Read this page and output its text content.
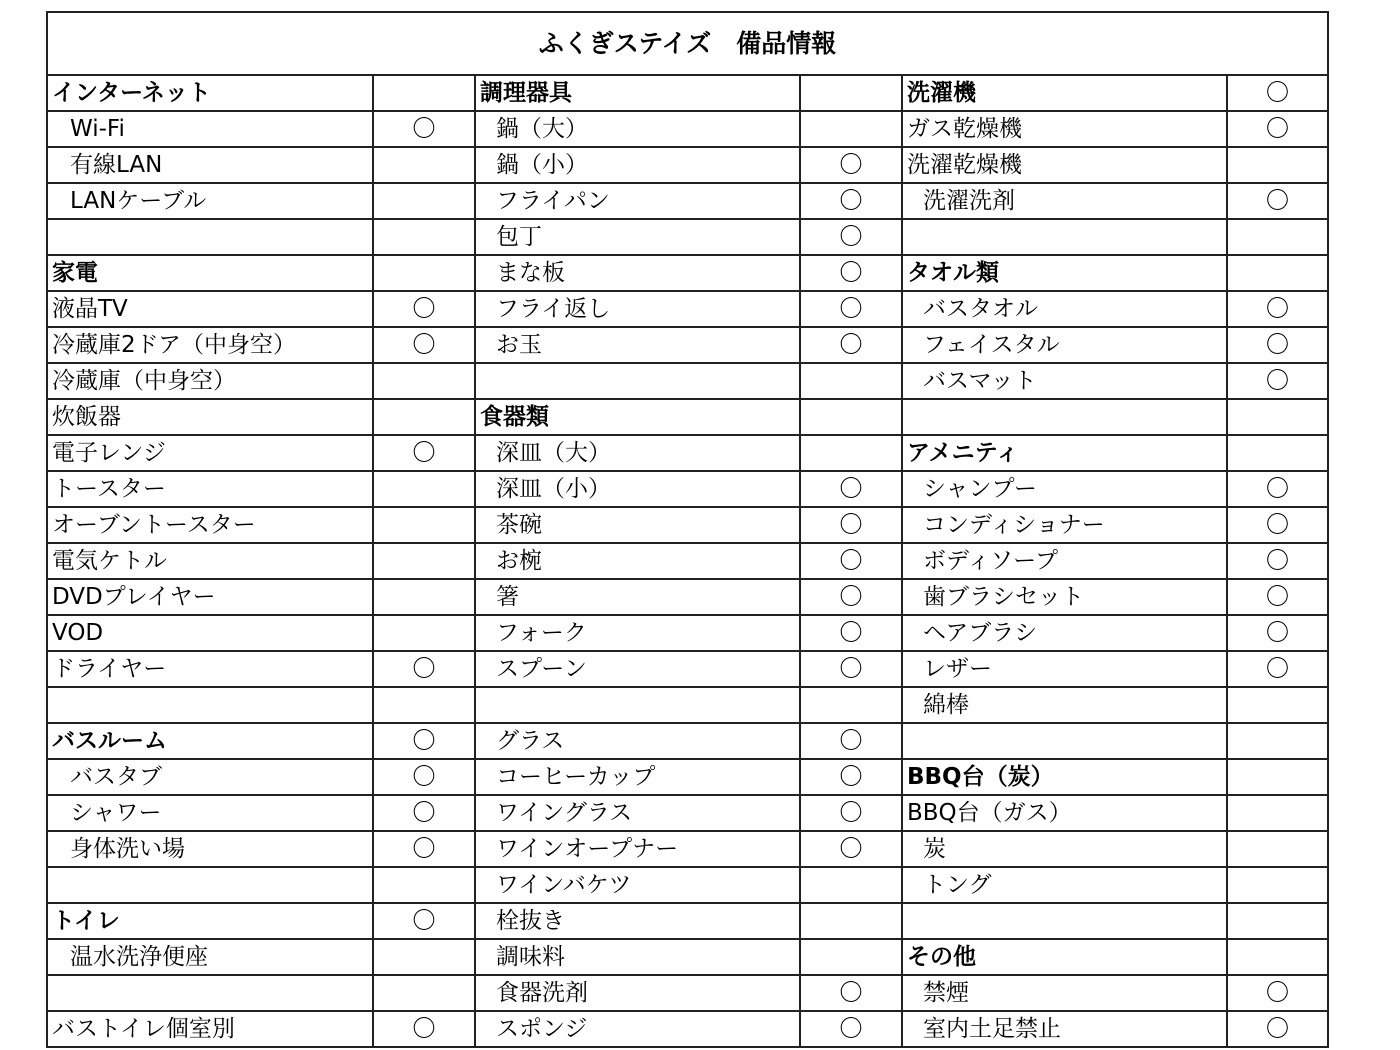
ふくぎステイズ　備品情報					
インターネット		調理器具		洗濯機	〇
Wi-Fi	〇	鍋（大）		ガス乾燥機	〇
有線LAN		鍋（小）	〇	洗濯乾燥機	
LANケーブル		フライパン	〇	洗濯洗剤	〇
		包丁	〇		
家電		まな板	〇	タオル類	
液晶TV	〇	フライ返し	〇	バスタオル	〇
冷蔵庫2ドア（中身空）	〇	お玉	〇	フェイスタル	〇
冷蔵庫（中身空）				バスマット	〇
炊飯器		食器類			
電子レンジ	〇	深皿（大）		アメニティ	
トースター		深皿（小）	〇	シャンプー	〇
オーブントースター		茶碗	〇	コンディショナー	〇
電気ケトル		お椀	〇	ボディソープ	〇
DVDプレイヤー		箸	〇	歯ブラシセット	〇
VOD		フォーク	〇	ヘアブラシ	〇
ドライヤー	〇	スプーン	〇	レザー	〇
				綿棒	
バスルーム	〇	グラス	〇		
バスタブ	〇	コーヒーカップ	〇	BBQ台（炭）	
シャワー	〇	ワイングラス	〇	BBQ台（ガス）	
身体洗い場	〇	ワインオープナー	〇	炭	
		ワインバケツ		トング	
トイレ	〇	栓抜き			
温水洗浄便座		調味料		その他	
		食器洗剤	〇	禁煙	〇
バストイレ個室別	〇	スポンジ	〇	室内土足禁止	〇
